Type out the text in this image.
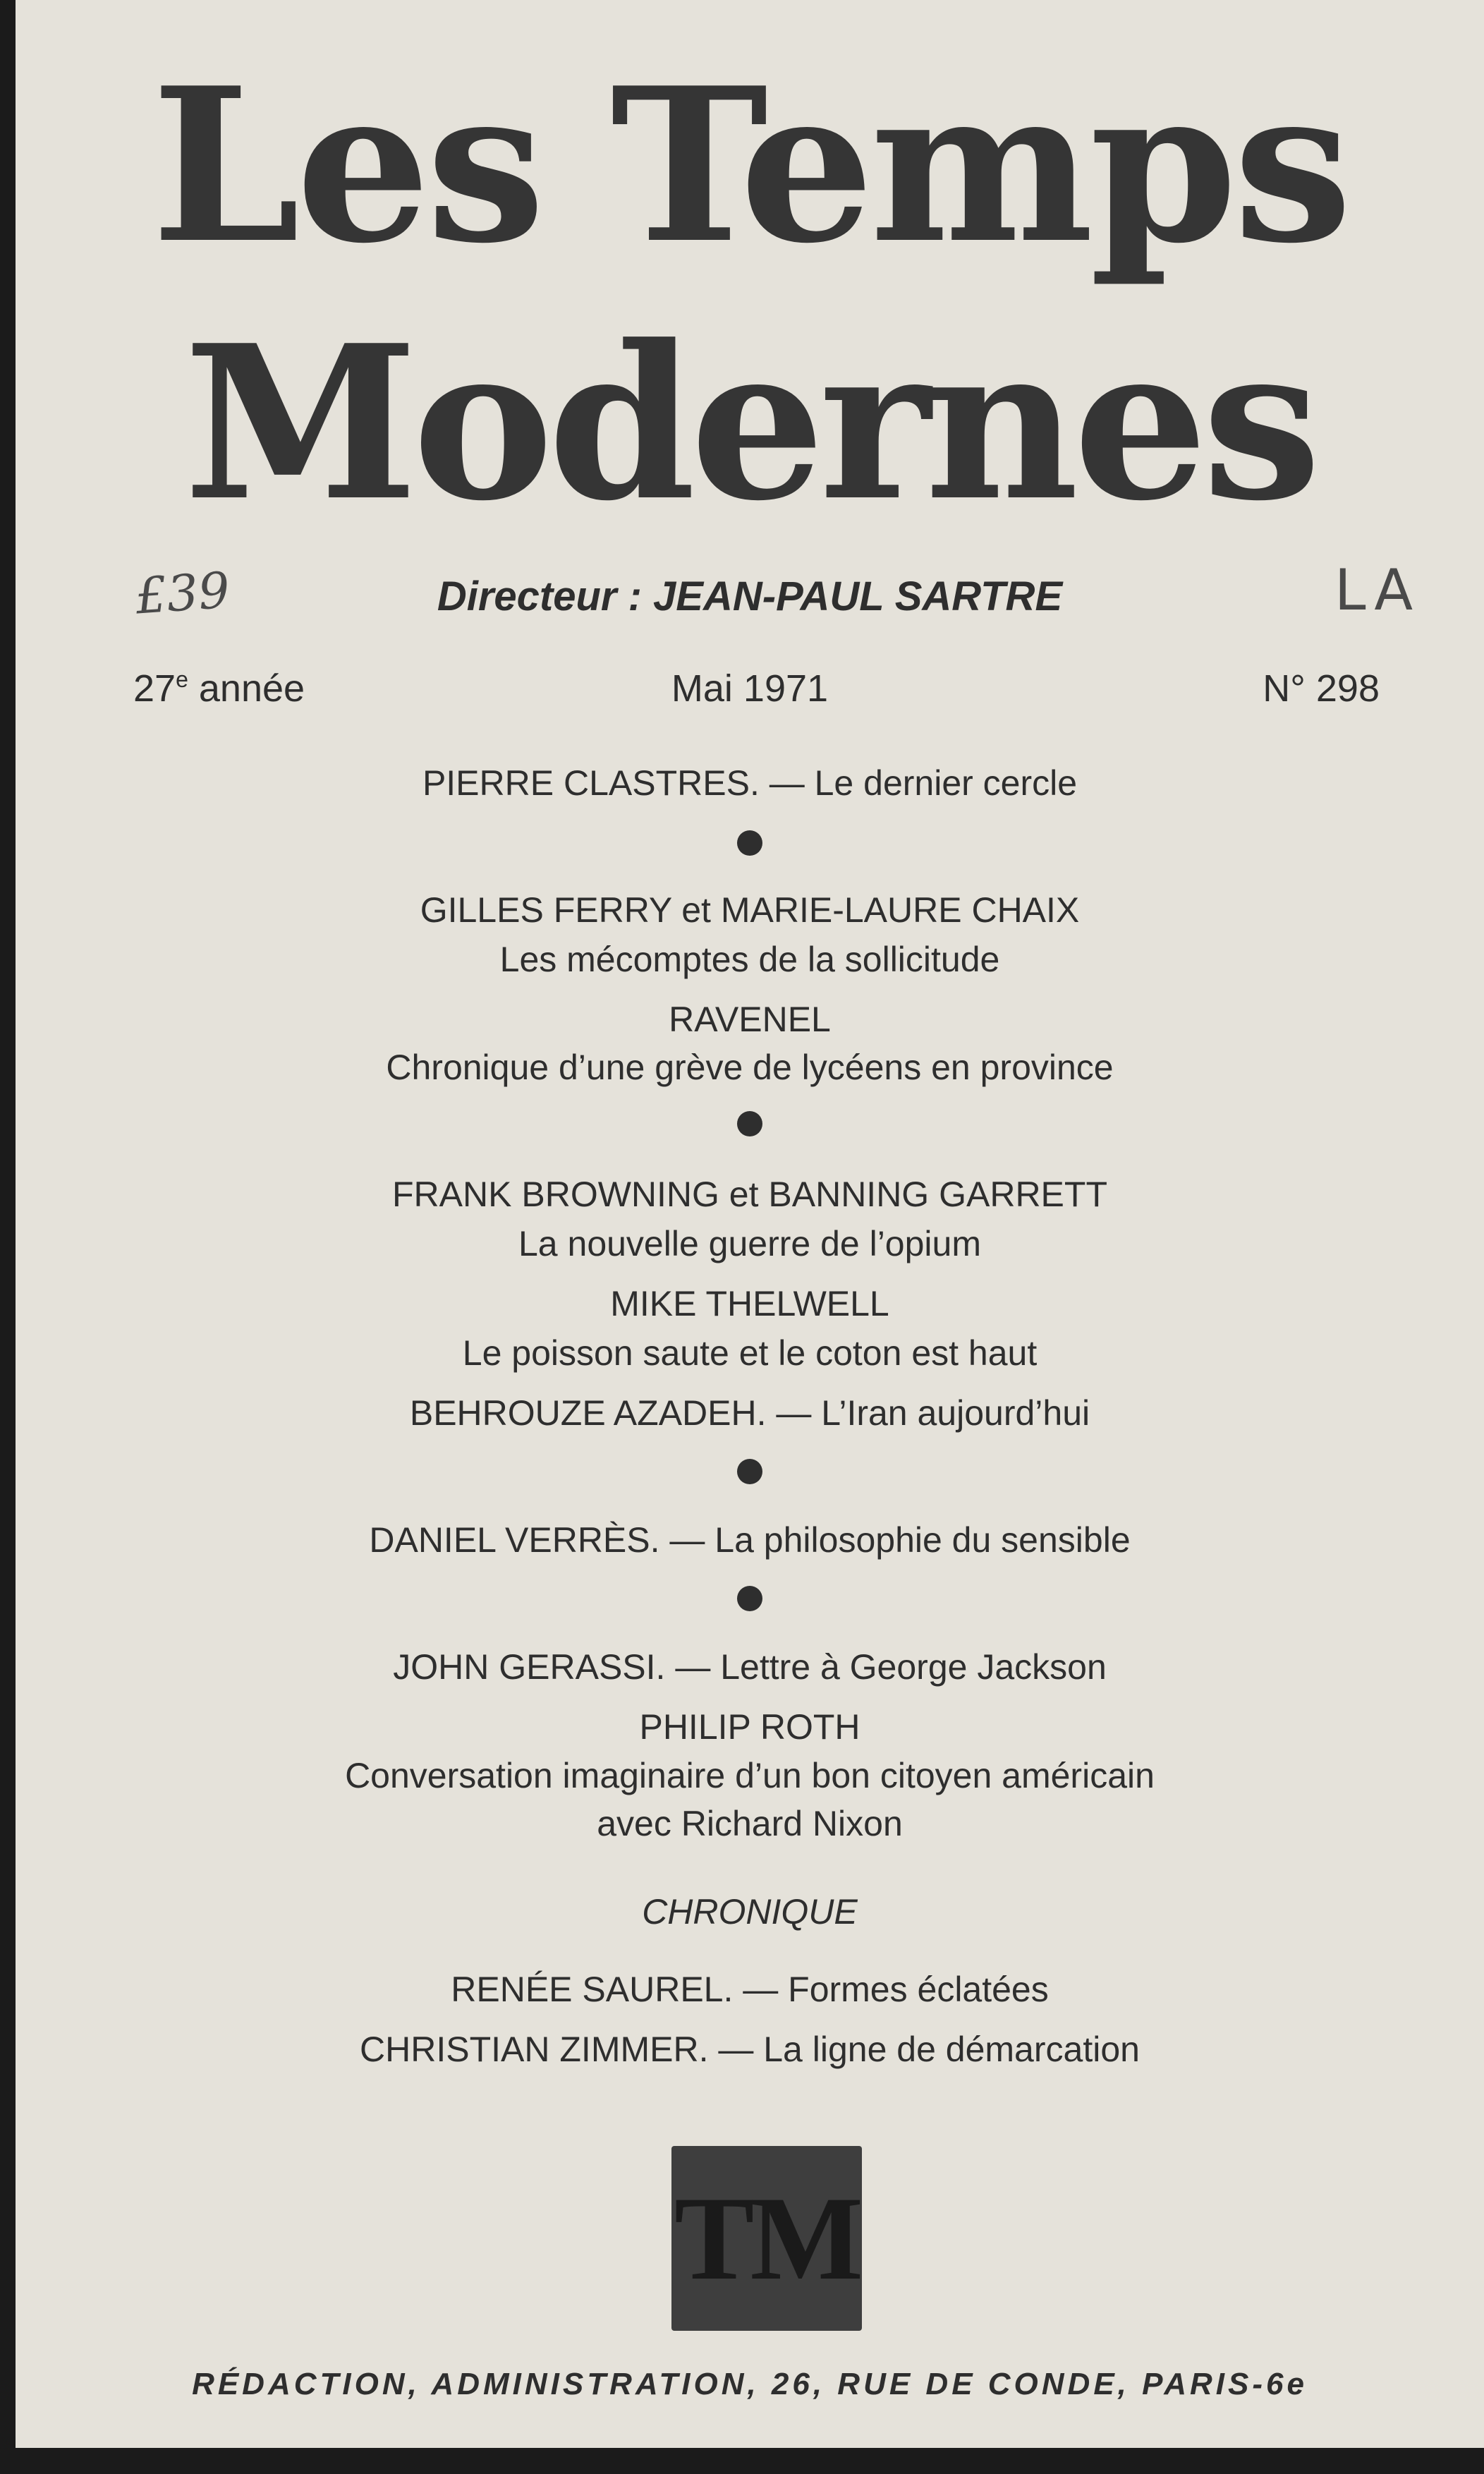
Les Temps
Modernes
£39	LA
Directeur : JEAN-PAUL SARTRE
27e année	Mai 1971	N° 298
PIERRE CLASTRES. — Le dernier cercle
GILLES FERRY et MARIE-LAURE CHAIX
Les mécomptes de la sollicitude
RAVENEL
Chronique d’une grève de lycéens en province
FRANK BROWNING et BANNING GARRETT
La nouvelle guerre de l’opium
MIKE THELWELL
Le poisson saute et le coton est haut
BEHROUZE AZADEH. — L’Iran aujourd’hui
DANIEL VERRÈS. — La philosophie du sensible
JOHN GERASSI. — Lettre à George Jackson
PHILIP ROTH
Conversation imaginaire d’un bon citoyen américain
avec Richard Nixon
CHRONIQUE
RENÉE SAUREL. — Formes éclatées
CHRISTIAN ZIMMER. — La ligne de démarcation
TM
RÉDACTION, ADMINISTRATION, 26, RUE DE CONDE, PARIS-6e
